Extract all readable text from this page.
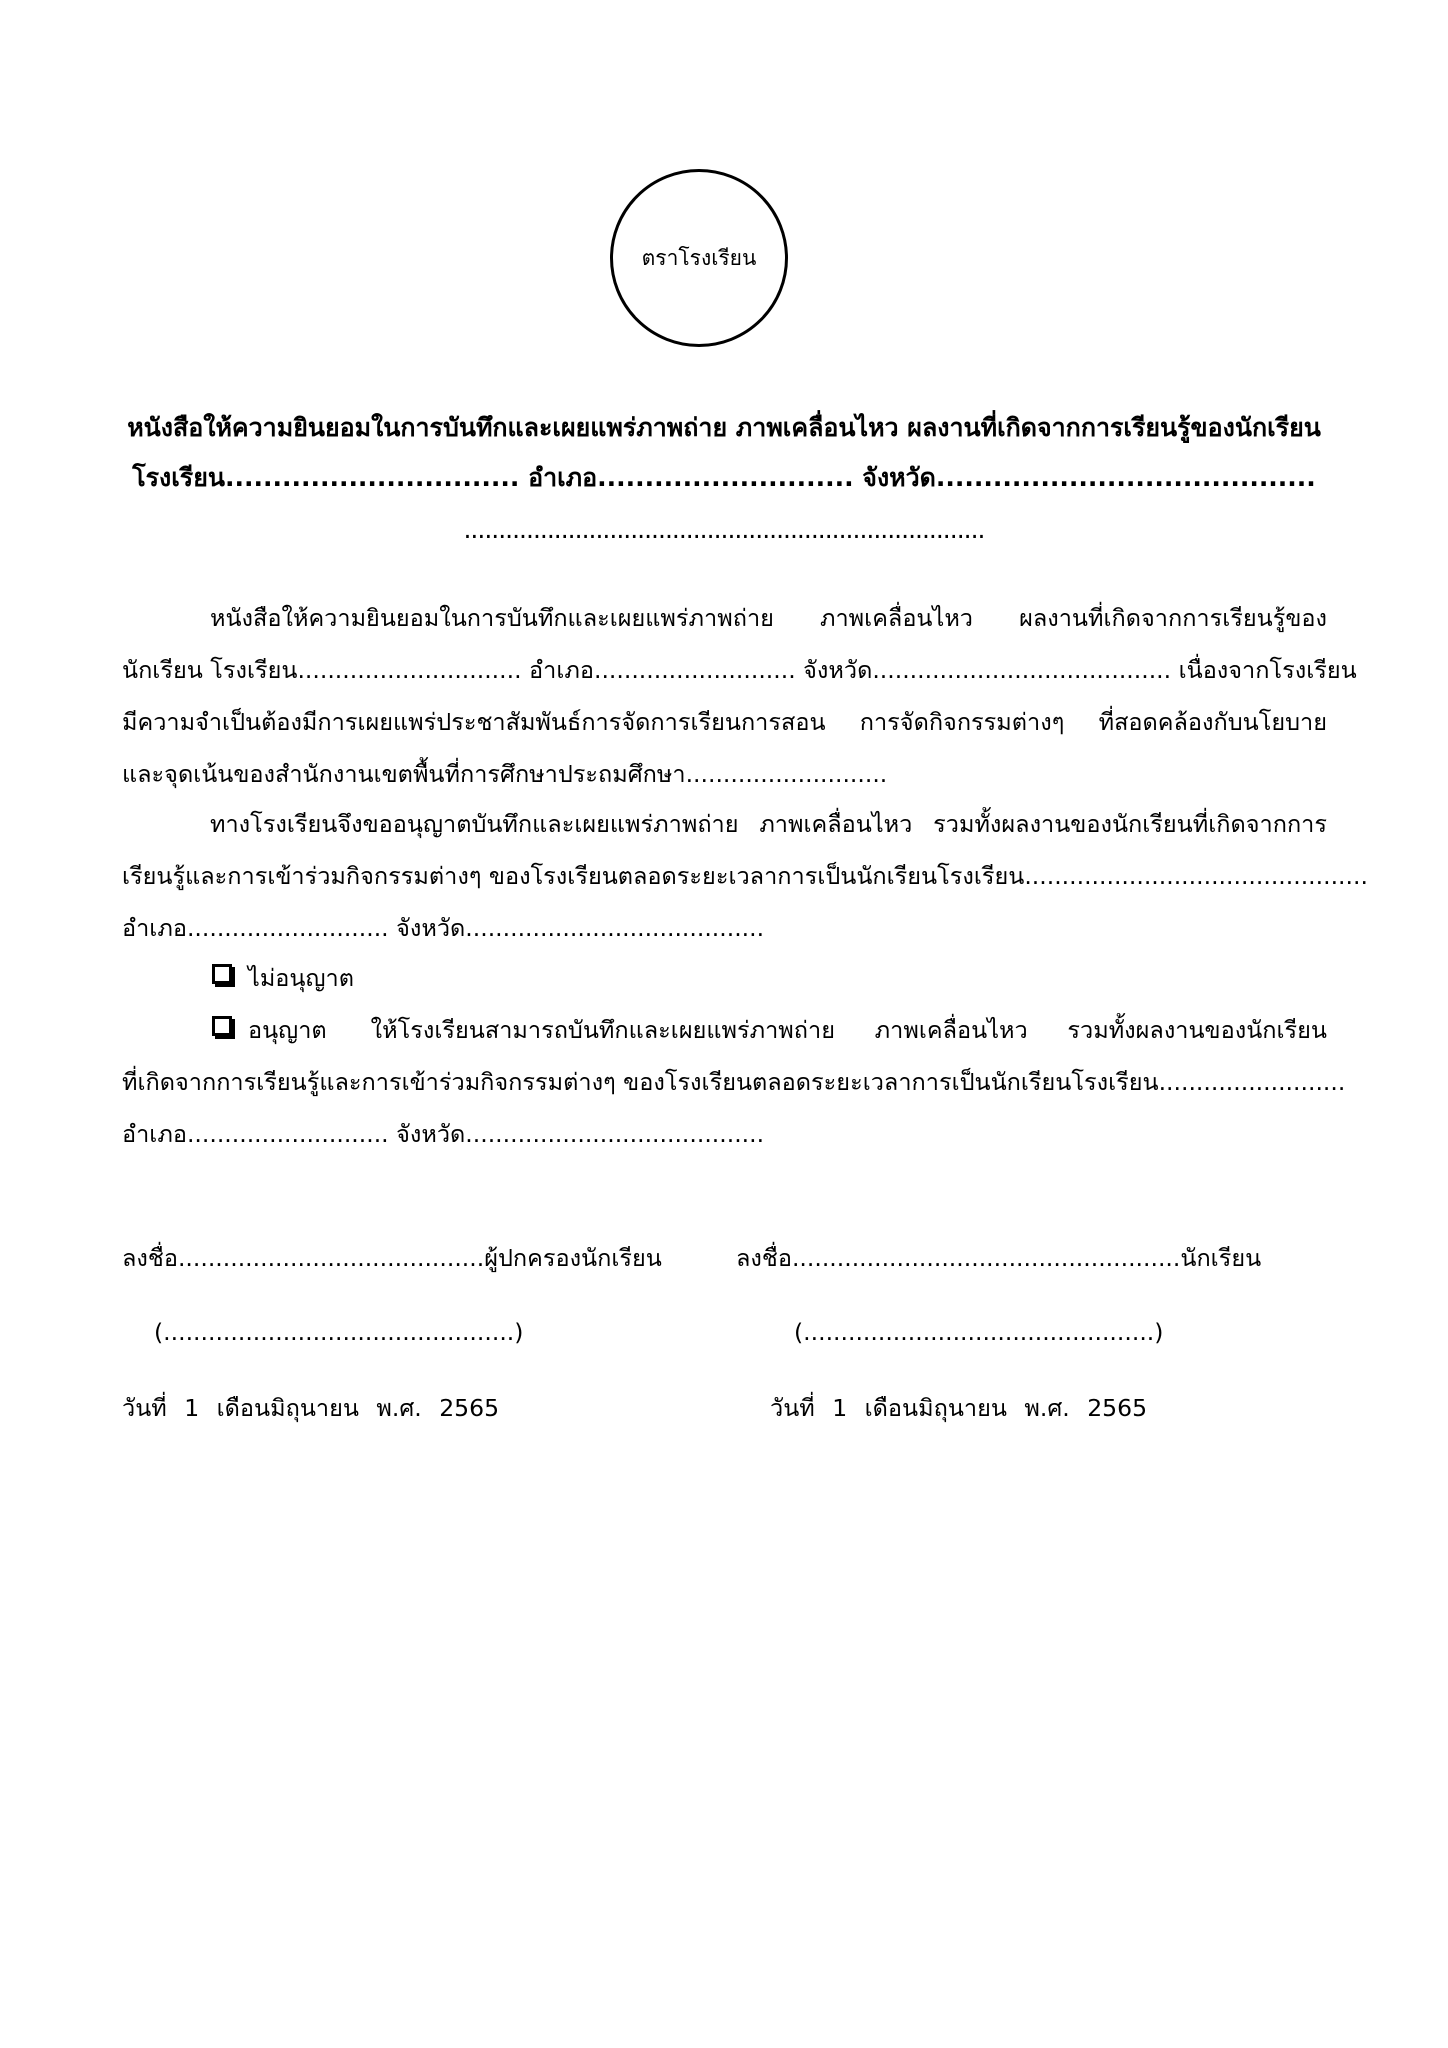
ตราโรงเรียน
หนังสือให้ความยินยอมในการบันทึกและเผยแพร่ภาพถ่าย ภาพเคลื่อนไหว ผลงานที่เกิดจากการเรียนรู้ของนักเรียน
โรงเรียน............................... อำเภอ........................... จังหวัด........................................
...........................................................................
หนังสือให้ความยินยอมในการบันทึกและเผยแพร่ภาพถ่าย ภาพเคลื่อนไหว ผลงานที่เกิดจากการเรียนรู้ของ
นักเรียน โรงเรียน.............................. อำเภอ........................... จังหวัด........................................ เนื่องจากโรงเรียน
มีความจำเป็นต้องมีการเผยแพร่ประชาสัมพันธ์การจัดการเรียนการสอน การจัดกิจกรรมต่างๆ ที่สอดคล้องกับนโยบาย
และจุดเน้นของสำนักงานเขตพื้นที่การศึกษาประถมศึกษา...........................
ทางโรงเรียนจึงขออนุญาตบันทึกและเผยแพร่ภาพถ่าย ภาพเคลื่อนไหว รวมทั้งผลงานของนักเรียนที่เกิดจากการ
เรียนรู้และการเข้าร่วมกิจกรรมต่างๆ ของโรงเรียนตลอดระยะเวลาการเป็นนักเรียนโรงเรียน..............................................
อำเภอ........................... จังหวัด........................................
ไม่อนุญาต
อนุญาต ให้โรงเรียนสามารถบันทึกและเผยแพร่ภาพถ่าย ภาพเคลื่อนไหว รวมทั้งผลงานของนักเรียน
ที่เกิดจากการเรียนรู้และการเข้าร่วมกิจกรรมต่างๆ ของโรงเรียนตลอดระยะเวลาการเป็นนักเรียนโรงเรียน.........................
อำเภอ........................... จังหวัด........................................
ลงชื่อ.........................................ผู้ปกครองนักเรียน
(...............................................)
วันที่ 1 เดือนมิถุนายน พ.ศ. 2565
ลงชื่อ....................................................นักเรียน
(...............................................)
วันที่ 1 เดือนมิถุนายน พ.ศ. 2565
